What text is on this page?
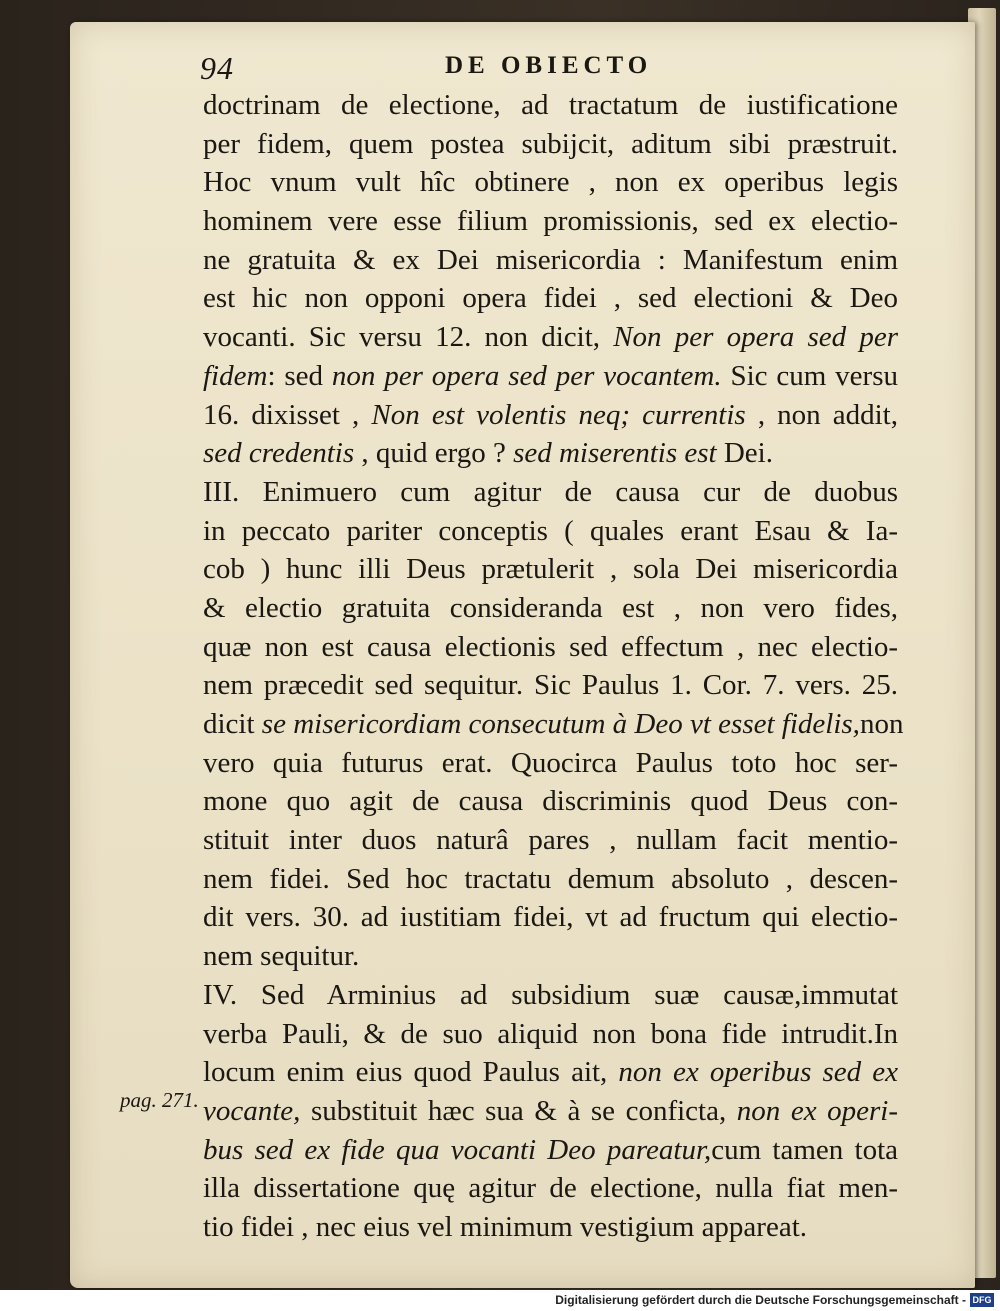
94	DE OBIECTO
doctrinam de electione, ad tractatum de iustificatione
per fidem, quem postea subijcit, aditum sibi præstruit.
Hoc vnum vult hîc obtinere , non ex operibus legis
hominem vere esse filium promissionis, sed ex electio-
ne gratuita & ex Dei misericordia : Manifestum enim
est hic non opponi opera fidei , sed electioni & Deo
vocanti. Sic versu 12. non dicit, Non per opera sed per
fidem: sed non per opera sed per vocantem. Sic cum versu
16. dixisset , Non est volentis neq; currentis , non addit,
sed credentis , quid ergo ? sed miserentis est Dei.
III. Enimuero cum agitur de causa cur de duobus
in peccato pariter conceptis ( quales erant Esau & Ia-
cob ) hunc illi Deus prætulerit , sola Dei misericordia
& electio gratuita consideranda est , non vero fides,
quæ non est causa electionis sed effectum , nec electio-
nem præcedit sed sequitur. Sic Paulus 1. Cor. 7. vers. 25.
dicit se misericordiam consecutum à Deo vt esset fidelis,non
vero quia futurus erat. Quocirca Paulus toto hoc ser-
mone quo agit de causa discriminis quod Deus con-
stituit inter duos naturâ pares , nullam facit mentio-
nem fidei. Sed hoc tractatu demum absoluto , descen-
dit vers. 30. ad iustitiam fidei, vt ad fructum qui electio-
nem sequitur.
IV. Sed Arminius ad subsidium suæ causæ,immutat
verba Pauli, & de suo aliquid non bona fide intrudit.In
locum enim eius quod Paulus ait, non ex operibus sed ex
vocante, substituit hæc sua & à se conficta, non ex operi-
bus sed ex fide qua vocanti Deo pareatur,cum tamen tota
illa dissertatione quę agitur de electione, nulla fiat men-
tio fidei , nec eius vel minimum vestigium appareat.
pag. 271.
Digitalisierung gefördert durch die Deutsche Forschungsgemeinschaft - DFG
